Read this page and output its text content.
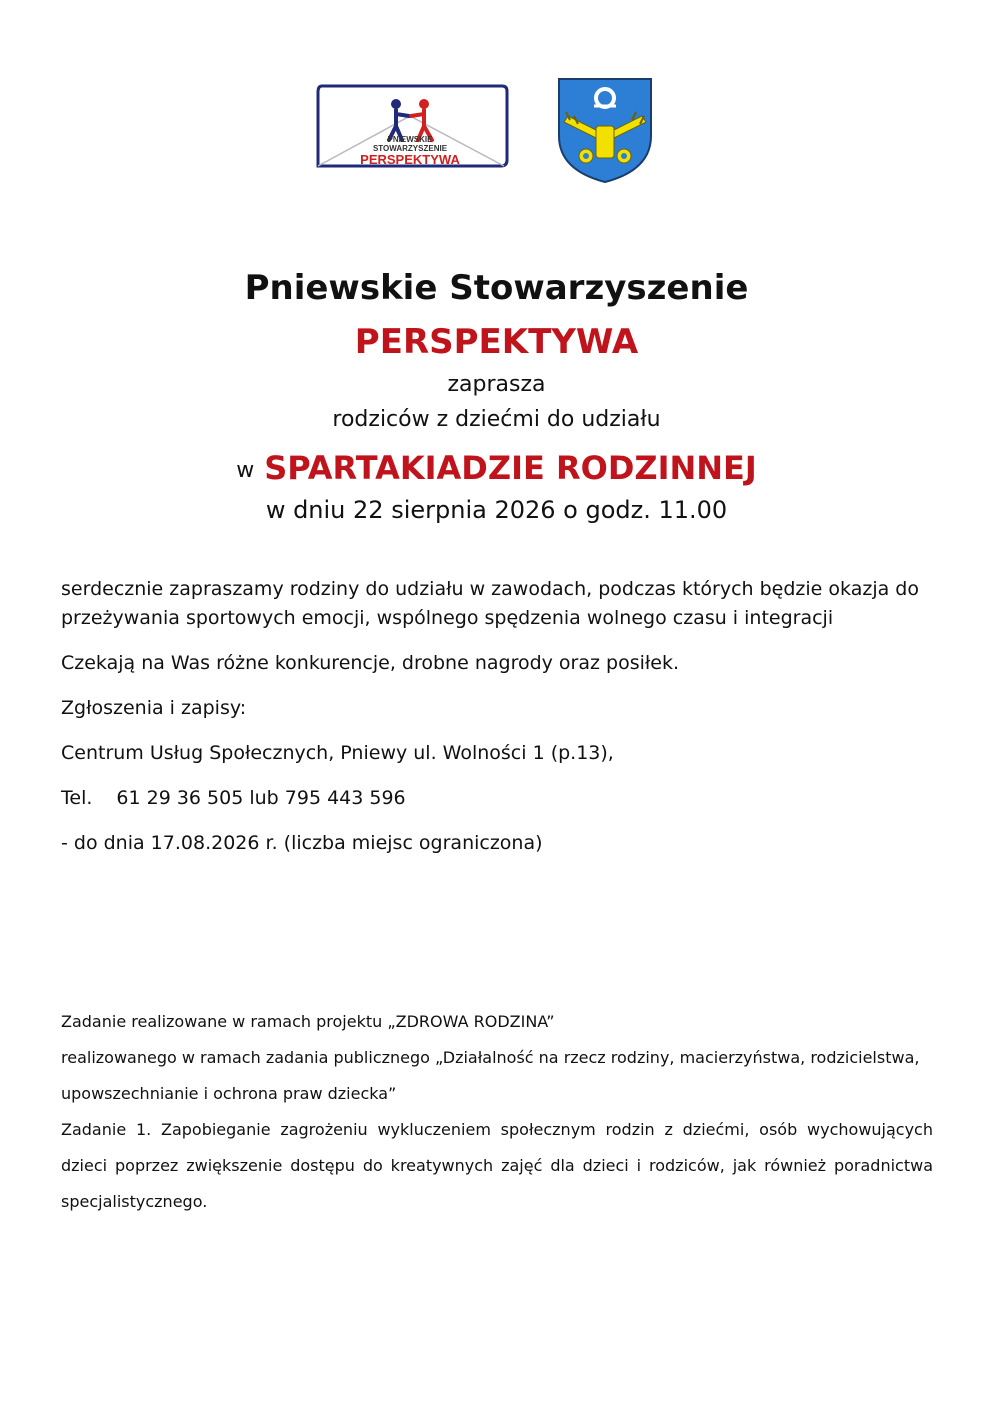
PNIEWSKIE
STOWARZYSZENIE
PERSPEKTYWA
Pniewskie Stowarzyszenie
PERSPEKTYWA
zaprasza
rodziców z dziećmi do udziału
w SPARTAKIADZIE RODZINNEJ
w dniu 22 sierpnia 2026 o godz. 11.00
serdecznie zapraszamy rodziny do udziału w zawodach, podczas których będzie okazja do przeżywania sportowych emocji, wspólnego spędzenia wolnego czasu i integracji
Czekają na Was różne konkurencje, drobne nagrody oraz posiłek.
Zgłoszenia i zapisy:
Centrum Usług Społecznych, Pniewy ul. Wolności 1 (p.13),
Tel. 61 29 36 505 lub 795 443 596
- do dnia 17.08.2026 r. (liczba miejsc ograniczona)
Zadanie realizowane w ramach projektu „ZDROWA RODZINA”
realizowanego w ramach zadania publicznego „Działalność na rzecz rodziny, macierzyństwa, rodzicielstwa, upowszechnianie i ochrona praw dziecka”
Zadanie 1. Zapobieganie zagrożeniu wykluczeniem społecznym rodzin z dziećmi, osób wychowujących dzieci poprzez zwiększenie dostępu do kreatywnych zajęć dla dzieci i rodziców, jak również poradnictwa specjalistycznego.
